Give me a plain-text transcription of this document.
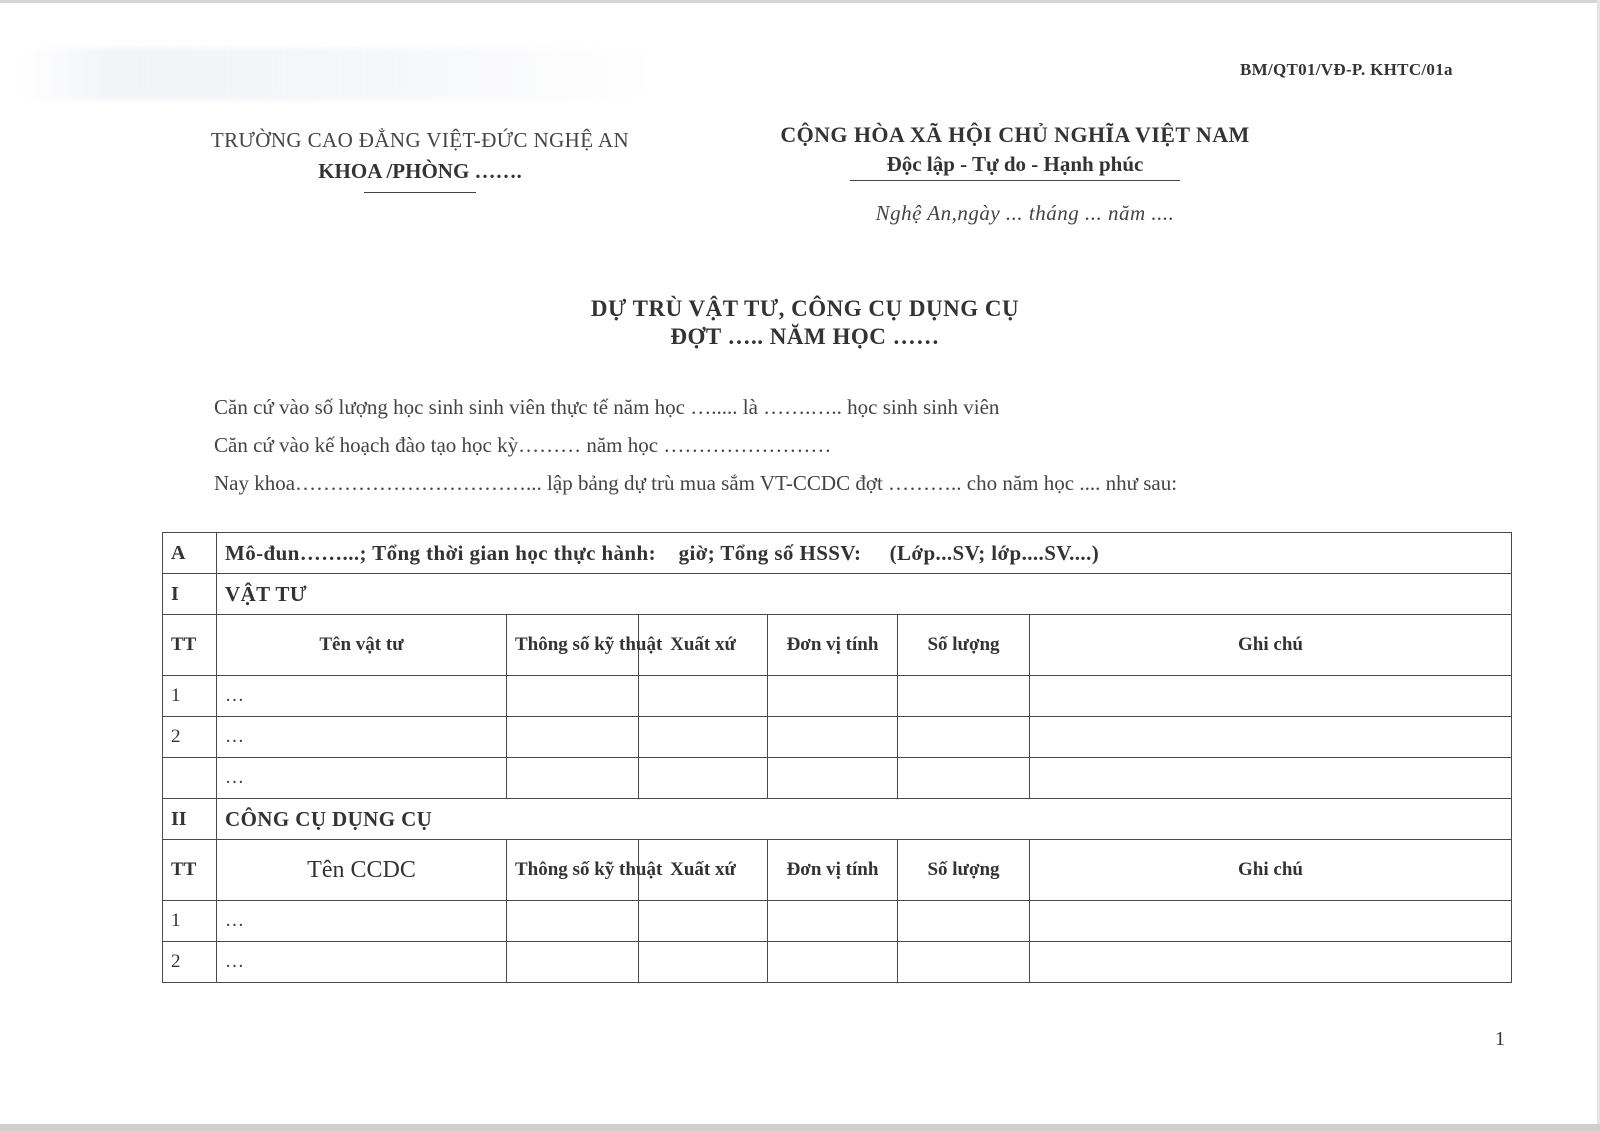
BM/QT01/VĐ-P. KHTC/01a
TRƯỜNG CAO ĐẲNG VIỆT-ĐỨC NGHỆ AN
KHOA /PHÒNG …….
CỘNG HÒA XÃ HỘI CHỦ NGHĨA VIỆT NAM
Độc lập - Tự do - Hạnh phúc
Nghệ An,ngày ... tháng ... năm ....
DỰ TRÙ VẬT TƯ, CÔNG CỤ DỤNG CỤ
ĐỢT ….. NĂM HỌC ……
Căn cứ vào số lượng học sinh sinh viên thực tế năm học …..... là …….….. học sinh sinh viên
Căn cứ vào kế hoạch đào tạo học kỳ……… năm học ……………………
Nay khoa……………………………... lập bảng dự trù mua sắm VT-CCDC đợt ……….. cho năm học .... như sau:
A	Mô-đun……...; Tổng thời gian học thực hành:    giờ; Tổng số HSSV:     (Lớp...SV; lớp....SV....)					
I	VẬT TƯ					
TT	Tên vật tư	Thông số kỹ thuật	Xuất xứ	Đơn vị tính	Số lượng	Ghi chú
1	…					
2	…					
	…					
II	CÔNG CỤ DỤNG CỤ					
TT	Tên CCDC	Thông số kỹ thuật	Xuất xứ	Đơn vị tính	Số lượng	Ghi chú
1	…					
2	…					
1
